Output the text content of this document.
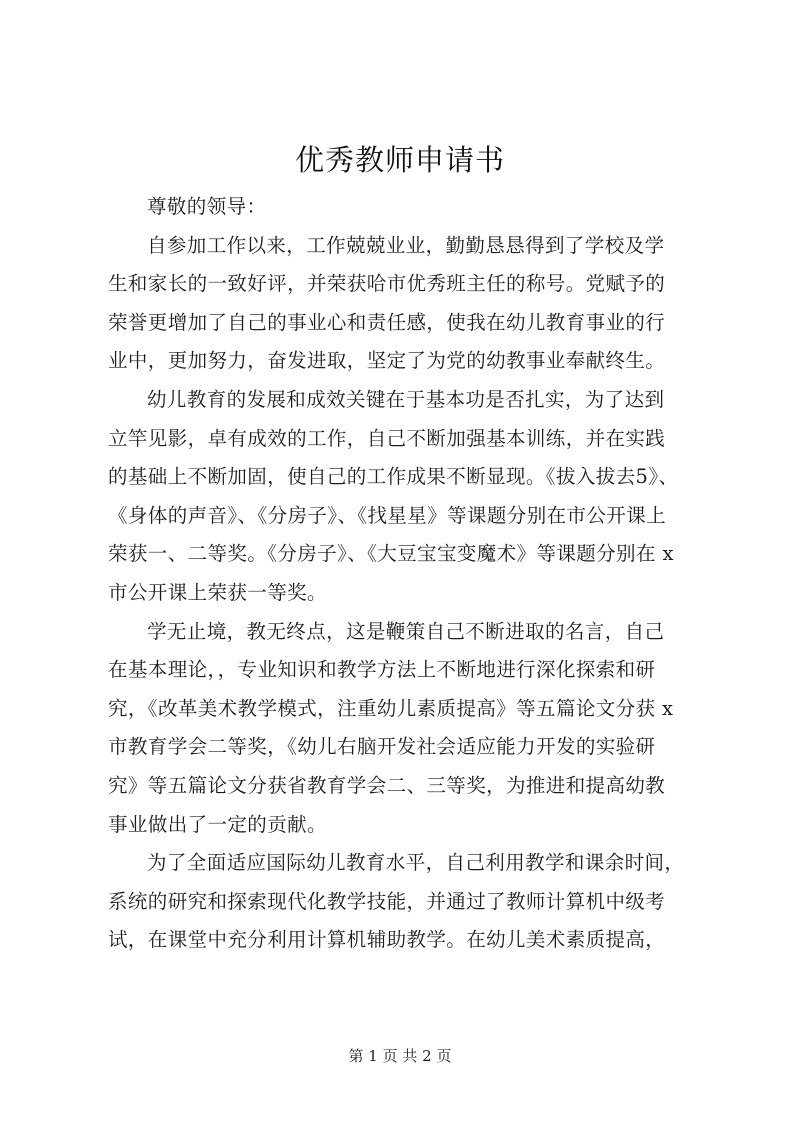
优秀教师申请书
尊敬的领导：
自参加工作以来，工作兢兢业业，勤勤恳恳得到了学校及学
生和家长的一致好评，并荣获哈市优秀班主任的称号。党赋予的
荣誉更增加了自己的事业心和责任感，使我在幼儿教育事业的行
业中，更加努力，奋发进取，坚定了为党的幼教事业奉献终生。
幼儿教育的发展和成效关键在于基本功是否扎实，为了达到
立竿见影，卓有成效的工作，自己不断加强基本训练，并在实践
的基础上不断加固，使自己的工作成果不断显现。《拔入拔去5》、
《身体的声音》、《分房子》、《找星星》等课题分别在市公开课上
荣获一、二等奖。《分房子》、《大豆宝宝变魔术》等课题分别在 x
市公开课上荣获一等奖。
学无止境，教无终点，这是鞭策自己不断进取的名言，自己
在基本理论，，专业知识和教学方法上不断地进行深化探索和研
究，《改革美术教学模式，注重幼儿素质提高》等五篇论文分获 x
市教育学会二等奖，《幼儿右脑开发社会适应能力开发的实验研
究》等五篇论文分获省教育学会二、三等奖，为推进和提高幼教
事业做出了一定的贡献。
为了全面适应国际幼儿教育水平，自己利用教学和课余时间，
系统的研究和探索现代化教学技能，并通过了教师计算机中级考
试，在课堂中充分利用计算机辅助教学。在幼儿美术素质提高，
第 1 页 共 2 页
